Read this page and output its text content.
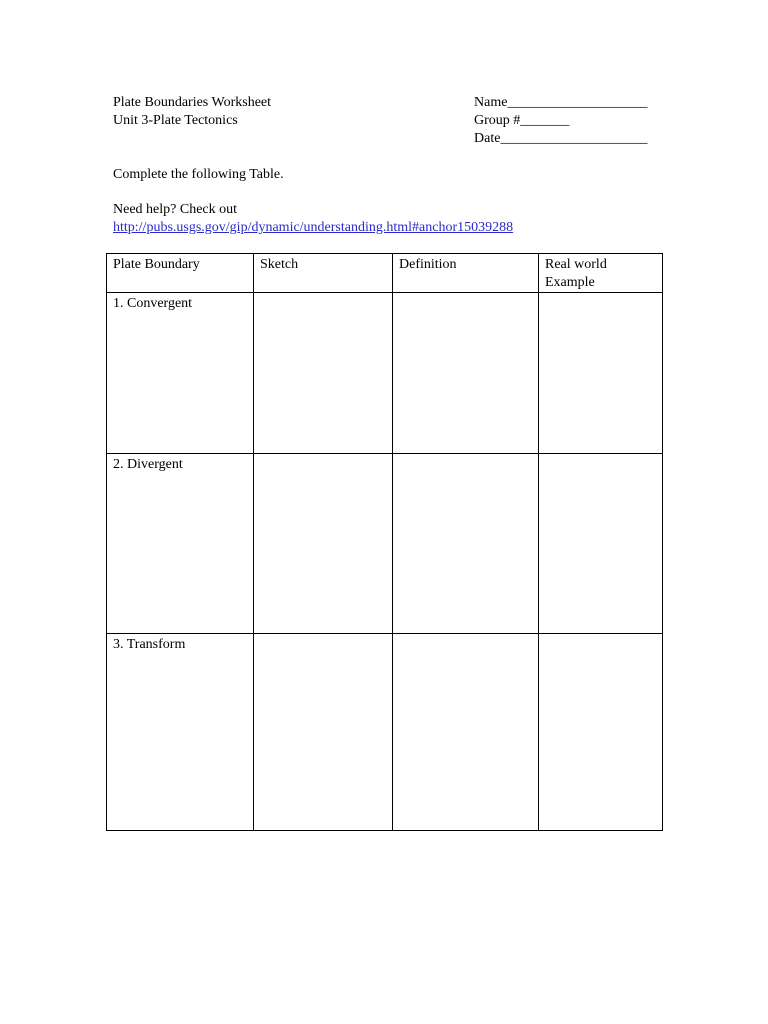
Plate Boundaries Worksheet
Unit 3-Plate Tectonics
Name____________________
Group #_______
Date_____________________
Complete the following Table.
Need help? Check out
http://pubs.usgs.gov/gip/dynamic/understanding.html#anchor15039288
Plate Boundary	Sketch	Definition	Real world Example
1. Convergent			
2. Divergent			
3. Transform			
